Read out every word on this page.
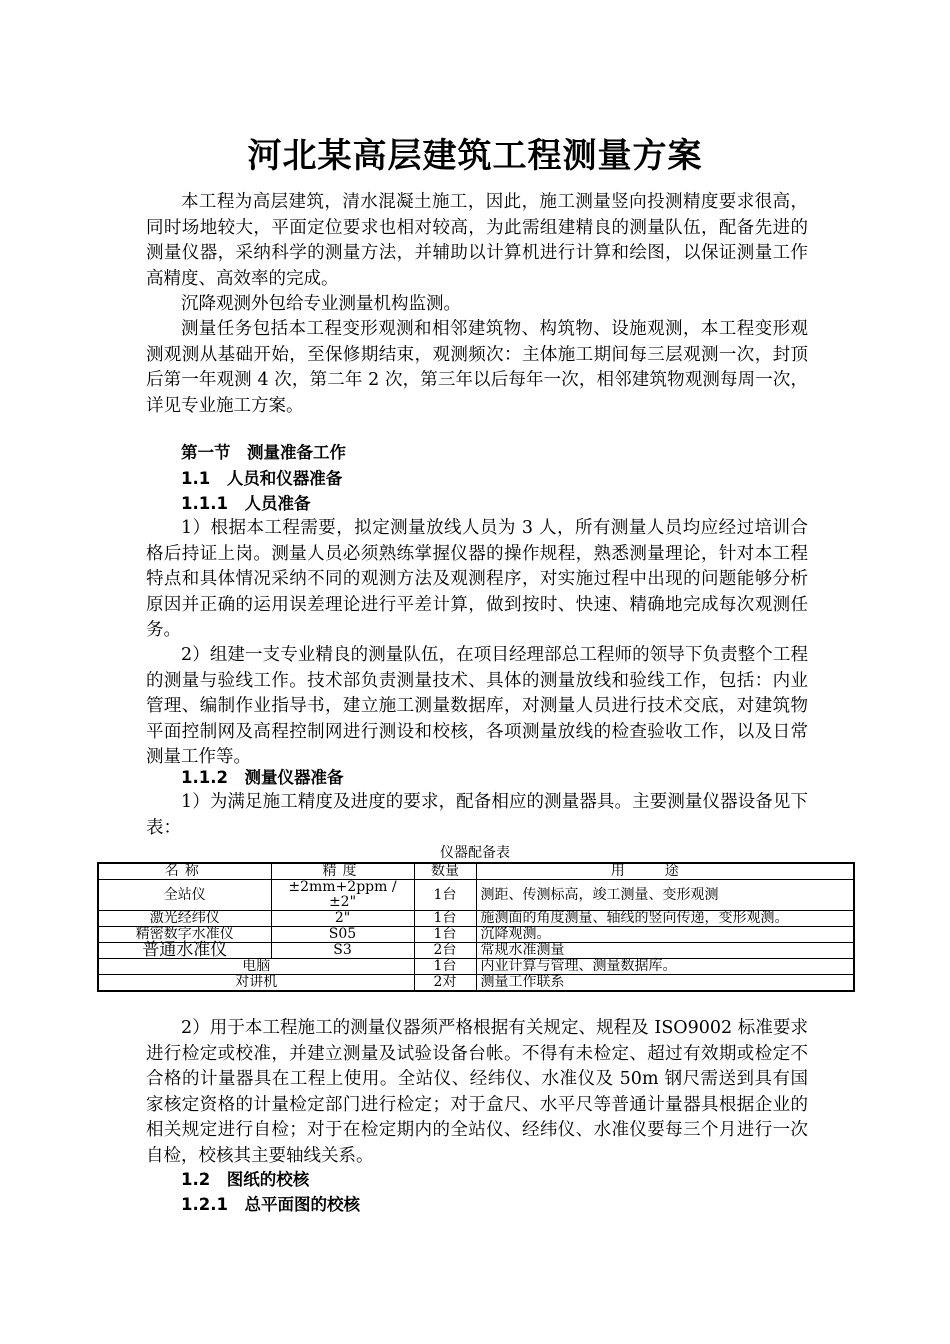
河北某高层建筑工程测量方案

本工程为高层建筑，清水混凝土施工，因此，施工测量竖向投测精度要求很高，同时场地较大，平面定位要求也相对较高，为此需组建精良的测量队伍，配备先进的测量仪器，采纳科学的测量方法，并辅助以计算机进行计算和绘图，以保证测量工作高精度、高效率的完成。

沉降观测外包给专业测量机构监测。

测量任务包括本工程变形观测和相邻建筑物、构筑物、设施观测，本工程变形观测观测从基础开始，至保修期结束，观测频次：主体施工期间每三层观测一次，封顶后第一年观测 4 次，第二年 2 次，第三年以后每年一次，相邻建筑物观测每周一次，详见专业施工方案。

第一节　测量准备工作

1.1　人员和仪器准备

1.1.1　人员准备

1）根据本工程需要，拟定测量放线人员为 3 人，所有测量人员均应经过培训合格后持证上岗。测量人员必须熟练掌握仪器的操作规程，熟悉测量理论，针对本工程特点和具体情况采纳不同的观测方法及观测程序，对实施过程中出现的问题能够分析原因并正确的运用误差理论进行平差计算，做到按时、快速、精确地完成每次观测任务。

2）组建一支专业精良的测量队伍，在项目经理部总工程师的领导下负责整个工程的测量与验线工作。技术部负责测量技术、具体的测量放线和验线工作，包括：内业管理、编制作业指导书，建立施工测量数据库，对测量人员进行技术交底，对建筑物平面控制网及高程控制网进行测设和校核，各项测量放线的检查验收工作，以及日常测量工作等。

1.1.2　测量仪器准备

1）为满足施工精度及进度的要求，配备相应的测量器具。主要测量仪器设备见下表：

仪器配备表
名称	精度	数量	用途
全站仪	±2mm+2ppm / ±2"	1台	测距、传测标高，竣工测量、变形观测
激光经纬仪	2"	1台	施测面的角度测量、轴线的竖向传递，变形观测。
精密数字水准仪	S05	1台	沉降观测。
普通水准仪	S3	2台	常规水准测量
电脑		1台	内业计算与管理、测量数据库。
对讲机		2对	测量工作联系

2）用于本工程施工的测量仪器须严格根据有关规定、规程及 ISO9002 标准要求进行检定或校准，并建立测量及试验设备台帐。不得有未检定、超过有效期或检定不合格的计量器具在工程上使用。全站仪、经纬仪、水准仪及 50m 钢尺需送到具有国家核定资格的计量检定部门进行检定；对于盒尺、水平尺等普通计量器具根据企业的相关规定进行自检；对于在检定期内的全站仪、经纬仪、水准仪要每三个月进行一次自检，校核其主要轴线关系。

1.2　图纸的校核

1.2.1　总平面图的校核
